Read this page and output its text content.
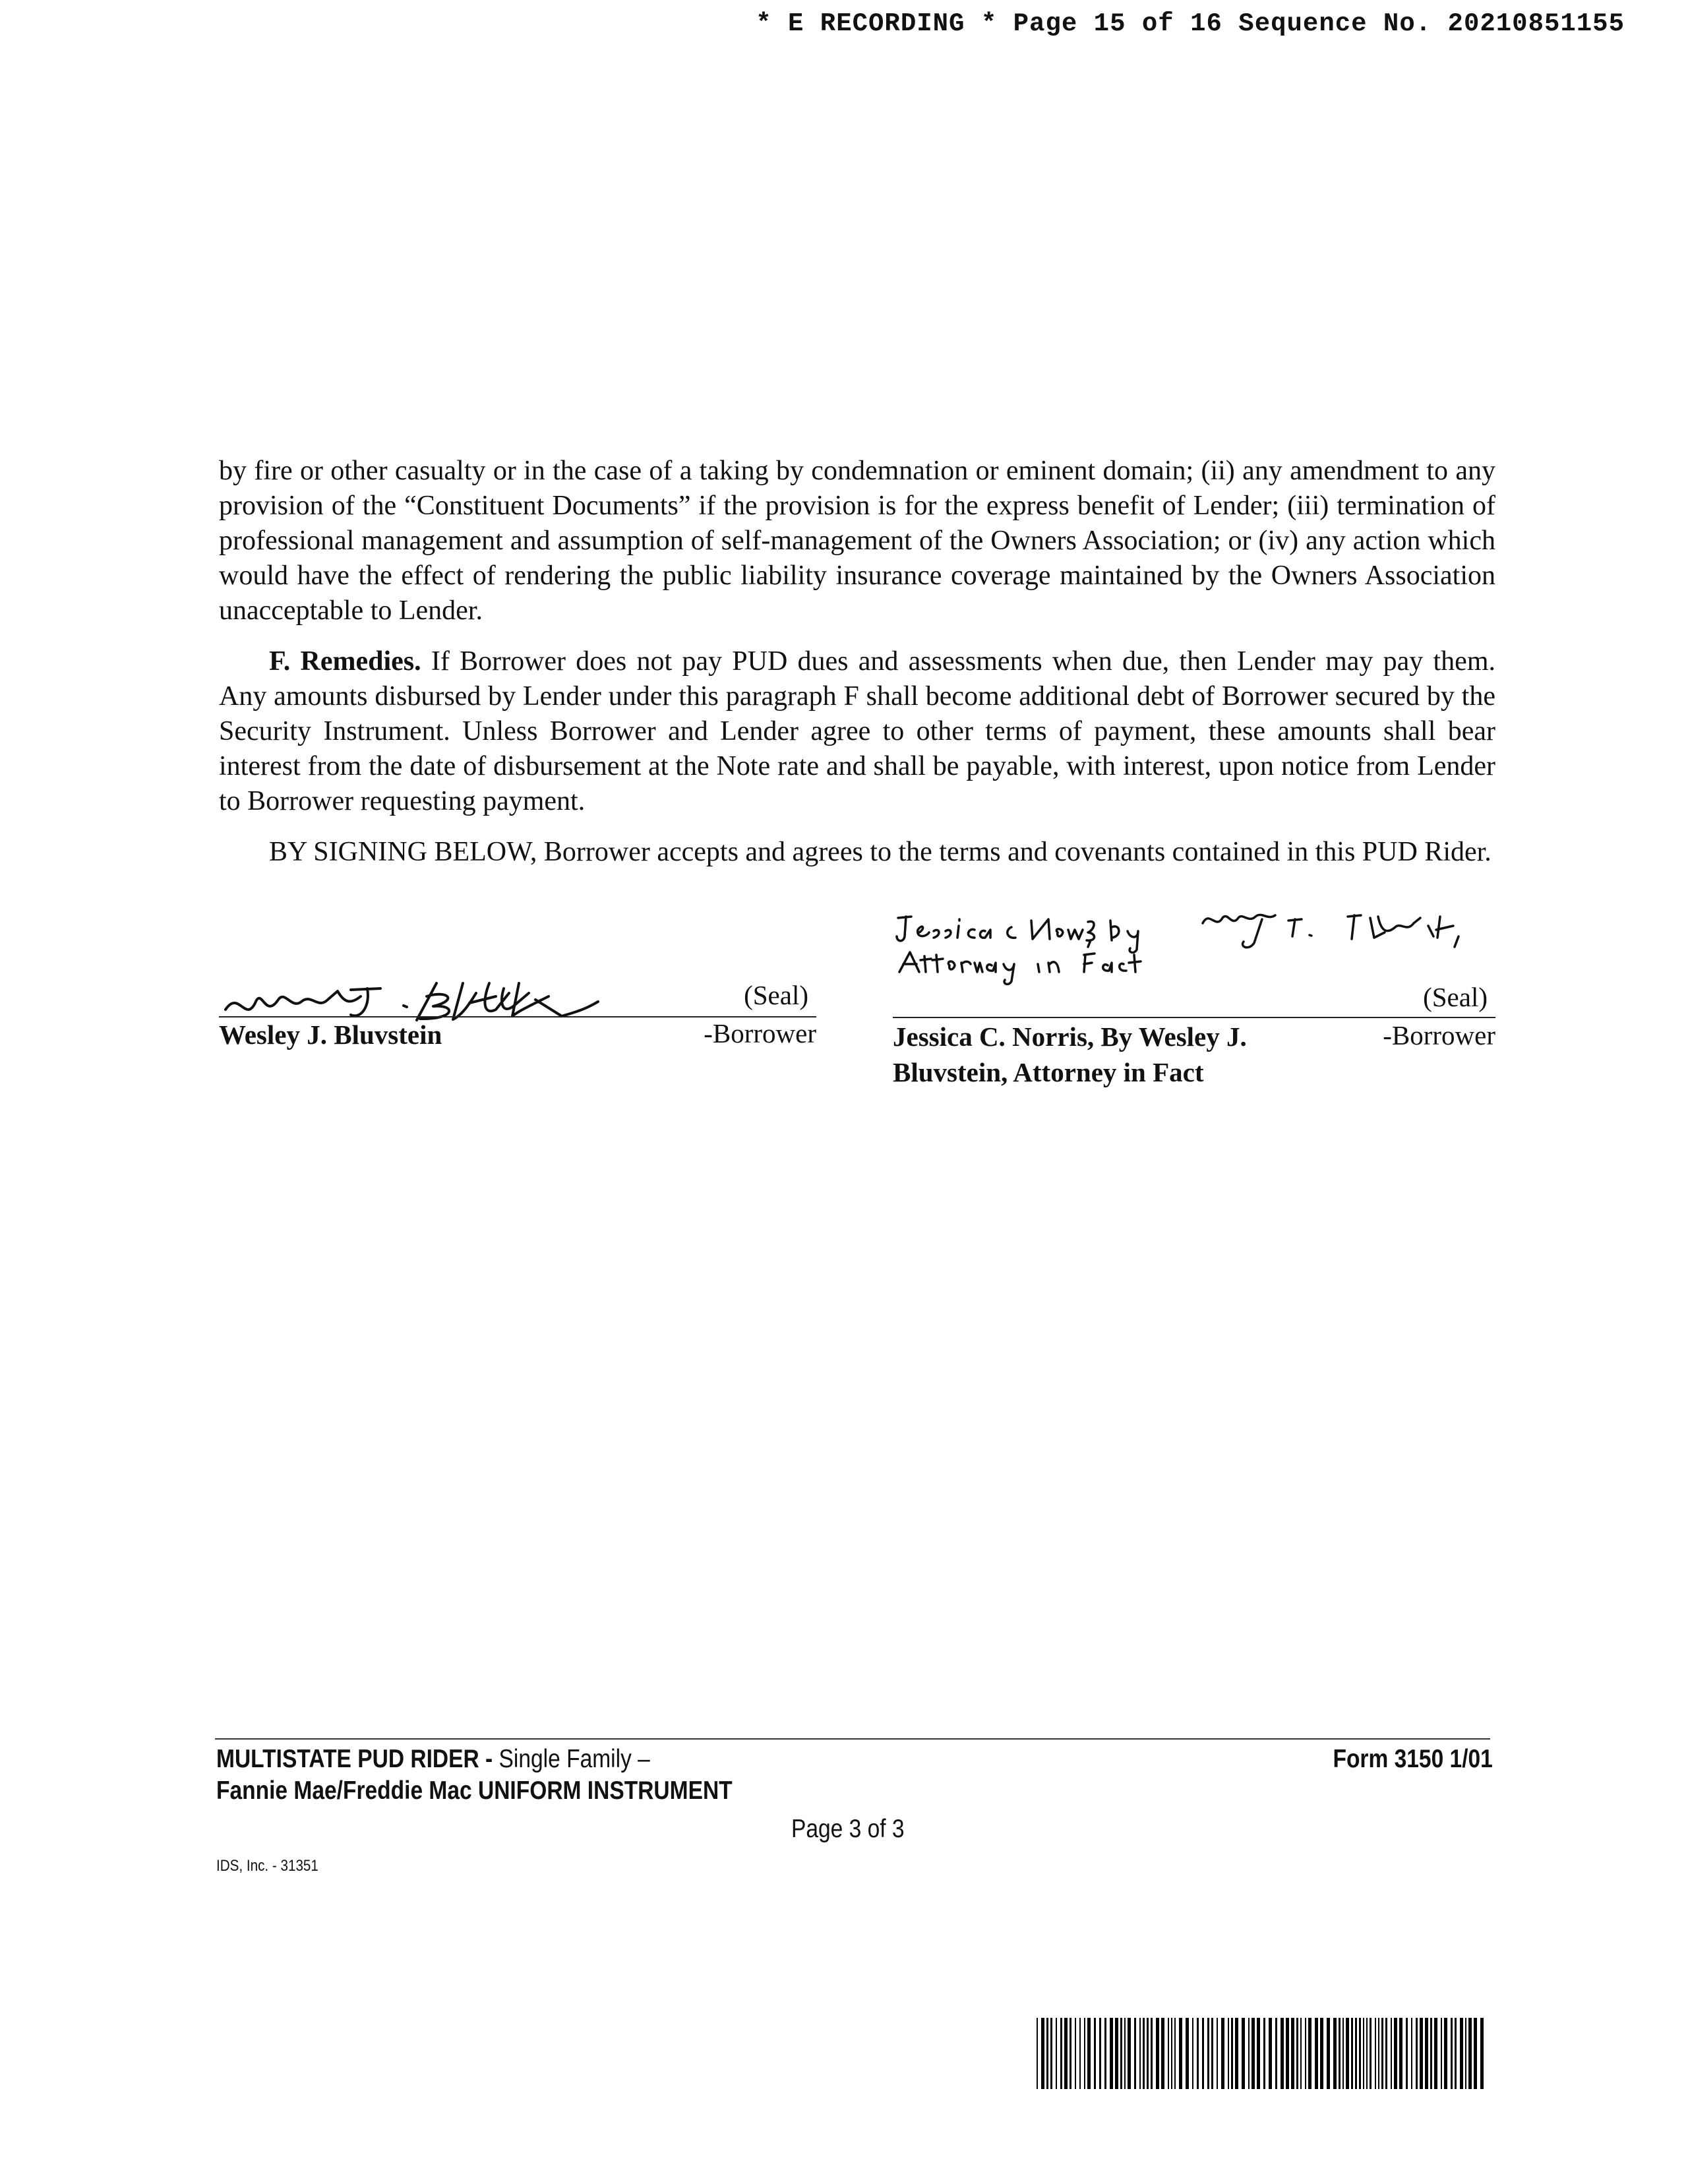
* E RECORDING * Page 15 of 16 Sequence No. 20210851155

by fire or other casualty or in the case of a taking by condemnation or eminent domain; (ii) any amendment to any provision of the “Constituent Documents” if the provision is for the express benefit of Lender; (iii) termination of professional management and assumption of self-management of the Owners Association; or (iv) any action which would have the effect of rendering the public liability insurance coverage maintained by the Owners Association unacceptable to Lender.

F. Remedies. If Borrower does not pay PUD dues and assessments when due, then Lender may pay them. Any amounts disbursed by Lender under this paragraph F shall become additional debt of Borrower secured by the Security Instrument. Unless Borrower and Lender agree to other terms of payment, these amounts shall bear interest from the date of disbursement at the Note rate and shall be payable, with interest, upon notice from Lender to Borrower requesting payment.

BY SIGNING BELOW, Borrower accepts and agrees to the terms and covenants contained in this PUD Rider.

(Seal)
Wesley J. Bluvstein	-Borrower
(Seal)
Jessica C. Norris, By Wesley J.
Bluvstein, Attorney in Fact
-Borrower
MULTISTATE PUD RIDER - Single Family –
Fannie Mae/Freddie Mac UNIFORM INSTRUMENT
Form 3150 1/01
Page 3 of 3
IDS, Inc. - 31351
